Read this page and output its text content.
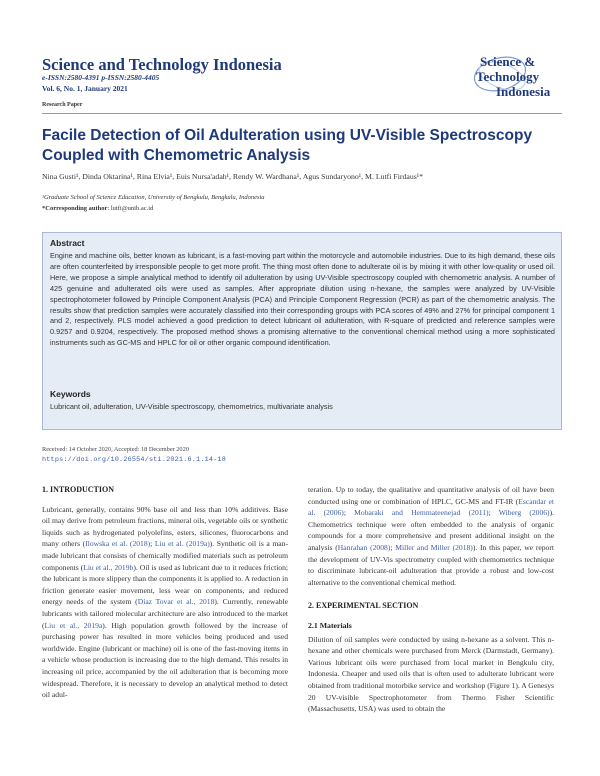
Science and Technology Indonesia
e-ISSN:2580-4391 p-ISSN:2580-4405
Vol. 6, No. 1, January 2021
Science &
Technology
Indonesia
Research Paper
Facile Detection of Oil Adulteration using UV-Visible Spectroscopy Coupled with Chemometric Analysis
Nina Gusti¹, Dinda Oktarina¹, Rina Elvia¹, Euis Nursa'adah¹, Rendy W. Wardhana¹, Agus Sundaryono¹, M. Lutfi Firdaus¹*
¹Graduate School of Science Education, University of Bengkulu, Bengkulu, Indonesia
*Corresponding author: lutfi@unib.ac.id
Abstract
Engine and machine oils, better known as lubricant, is a fast-moving part within the motorcycle and automobile industries. Due to its high demand, these oils are often counterfeited by irresponsible people to get more profit. The thing most often done to adulterate oil is by mixing it with other low-quality or used oil. Here, we propose a simple analytical method to identify oil adulteration by using UV-Visible spectroscopy coupled with chemometric analysis. A number of 425 genuine and adulterated oils were used as samples. After appropriate dilution using n-hexane, the samples were analyzed by UV-Visible spectrophotometer followed by Principle Component Analysis (PCA) and Principle Component Regression (PCR) as part of the chemometric analysis. The results show that prediction samples were accurately classified into their corresponding groups with PCA scores of 49% and 27% for principal component 1 and 2, respectively. PLS model achieved a good prediction to detect lubricant oil adulteration, with R-square of predicted and reference samples were 0.9257 and 0.9204, respectively. The proposed method shows a promising alternative to the conventional chemical method using a more sophisticated instruments such as GC-MS and HPLC for oil or other organic compound identification.
Keywords
Lubricant oil, adulteration, UV-Visible spectroscopy, chemometrics, multivariate analysis
Received: 14 October 2020, Accepted: 18 December 2020
https://doi.org/10.26554/sti.2021.6.1.14-18
1. INTRODUCTION

Lubricant, generally, contains 90% base oil and less than 10% additives. Base oil may derive from petroleum fractions, mineral oils, vegetable oils or synthetic liquids such as hydrogenated polyolefins, esters, silicones, fluorocarbons and many others (Ilowska et al. (2018); Liu et al. (2019a)). Synthetic oil is a man-made lubricant that consists of chemically modified materials such as petroleum components (Liu et al., 2019b). Oil is used as lubricant due to it reduces friction; the lubricant is more slippery than the components it is applied to. A reduction in friction generate easier movement, less wear on components, and reduced energy needs of the system (Díaz Tovar et al., 2018). Currently, renewable lubricants with tailored molecular architecture are also introduced to the market (Liu et al., 2019a). High population growth followed by the increase of purchasing power has resulted in more vehicles being produced and used worldwide. Engine (lubricant or machine) oil is one of the fast-moving items in a vehicle whose production is increasing due to the high demand. This results in increasing oil price, accompanied by the oil adulteration that is becoming more widespread. Therefore, it is necessary to develop an analytical method to detect oil adul-

teration. Up to today, the qualitative and quantitative analysis of oil have been conducted using one or combination of HPLC, GC-MS and FT-IR (Escandar et al. (2006); Mobaraki and Hemmateenejad (2011); Wiberg (2006)). Chemometrics technique were often embedded to the analysis of organic compounds for a more comprehensive and present additional insight on the analysis (Hanrahan (2008); Miller and Miller (2018)). In this paper, we report the development of UV-Vis spectrometry coupled with chemometrics technique to discriminate lubricant-oil adulteration that provide a robust and low-cost alternative to the conventional chemical method.

2. EXPERIMENTAL SECTION
2.1 Materials

Dilution of oil samples were conducted by using n-hexane as a solvent. This n-hexane and other chemicals were purchased from Merck (Darmstadt, Germany). Various lubricant oils were purchased from local market in Bengkulu city, Indonesia. Cheaper and used oils that is often used to adulterate lubricant were obtained from traditional motorbike service and workshop (Figure 1). A Genesys 20 UV-visible Spectrophotometer from Thermo Fisher Scientific (Massachusetts, USA) was used to obtain the
